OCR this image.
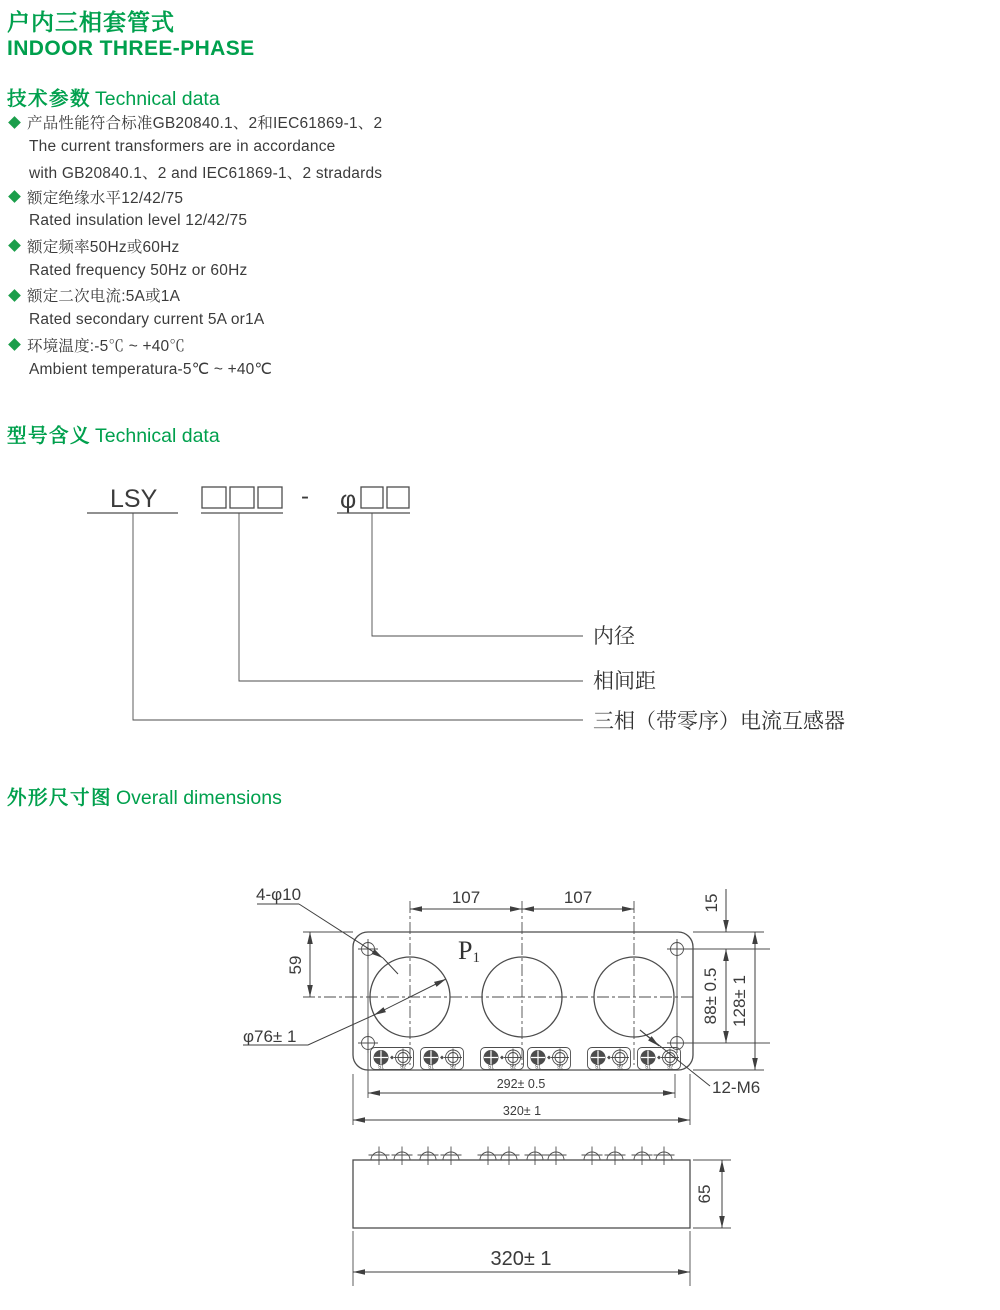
户内三相套管式
INDOOR THREE-PHASE
技术参数 Technical data
产品性能符合标准GB20840.1、2和IEC61869-1、2
The current transformers are in accordance
with GB20840.1、2 and IEC61869-1、2 stradards
额定绝缘水平12/42/75
Rated insulation level 12/42/75
额定频率50Hz或60Hz
Rated frequency 50Hz or 60Hz
额定二次电流:5A或1A
Rated secondary current 5A or1A
环境温度:-5℃ ~ +40℃
Ambient temperatura-5℃ ~ +40℃
型号含义 Technical data
LSY	- φ
内径
相间距
三相（带零序）电流互感器
外形尺寸图 Overall dimensions
S1	S2
P1
107	107
4-φ10
59
φ76± 1
15
88± 0.5 128± 1
12-M6
292± 0.5
320± 1
65
320± 1
